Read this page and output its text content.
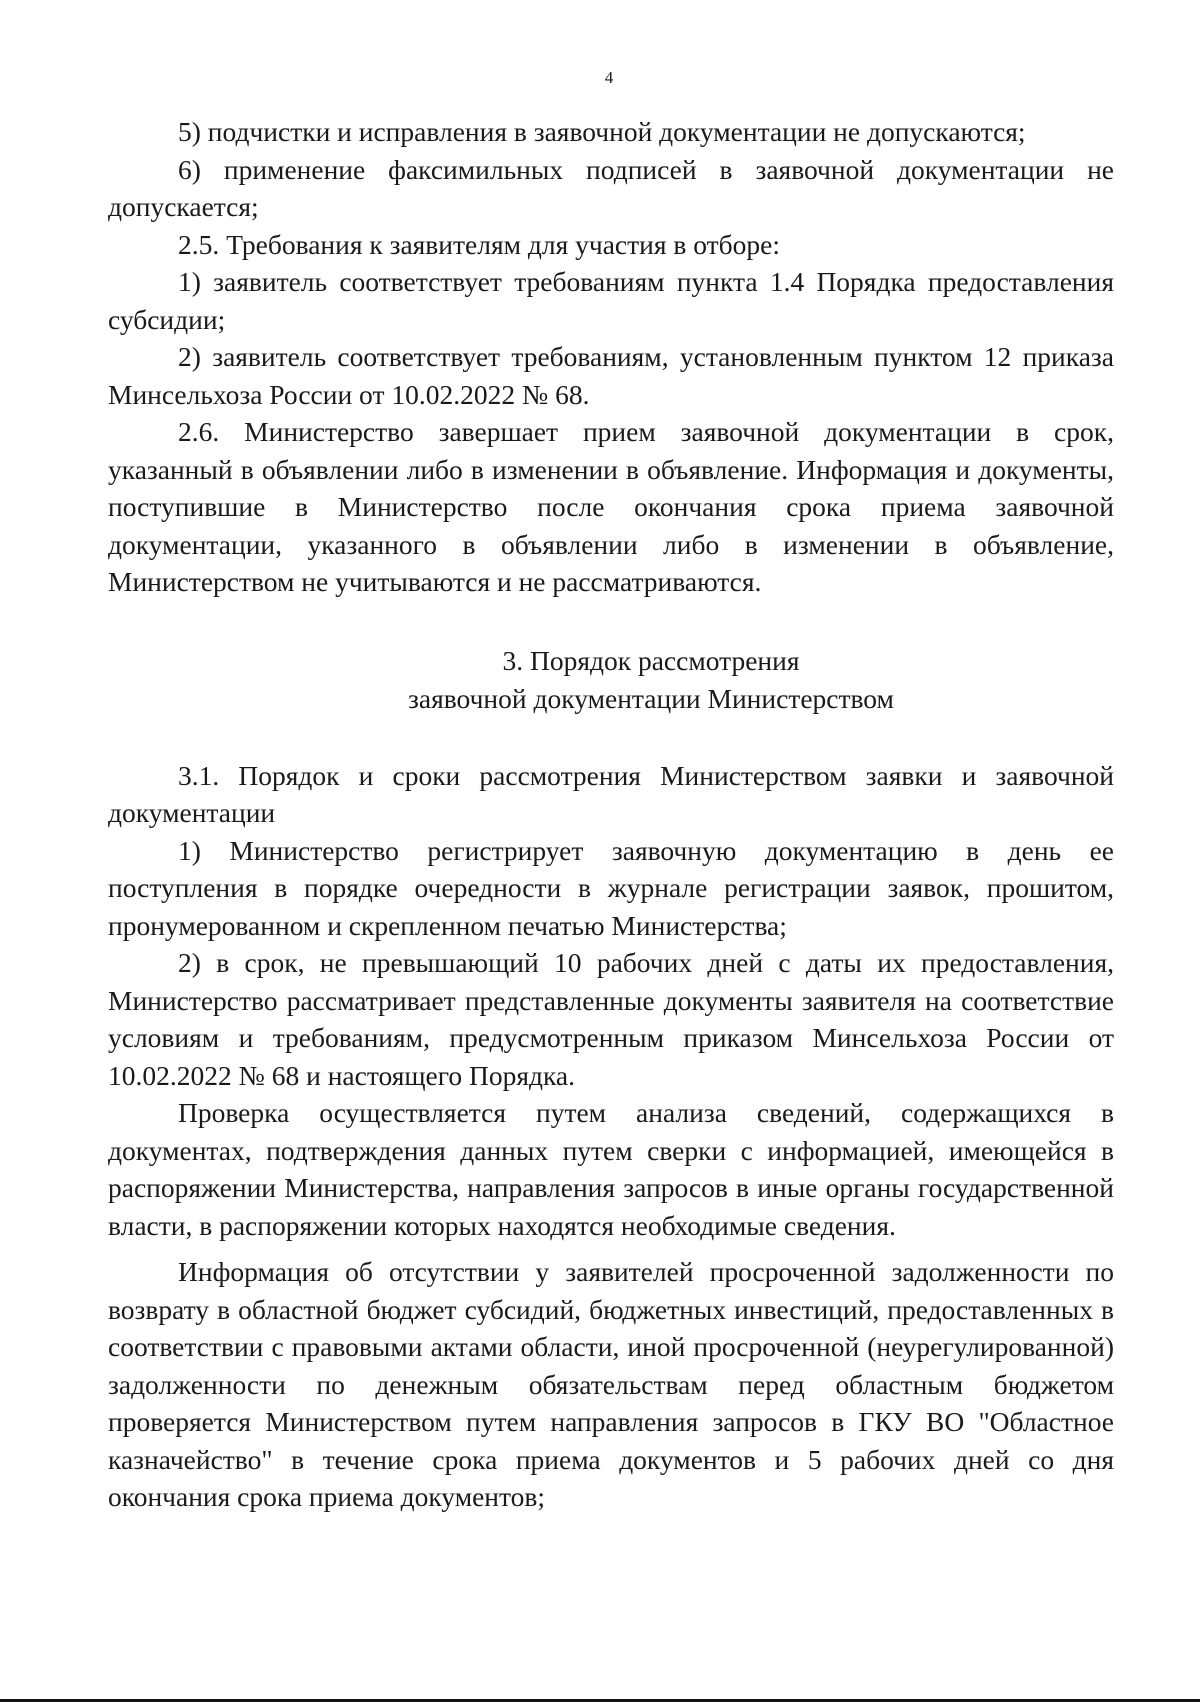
4

5) подчистки и исправления в заявочной документации не допускаются;

6) применение факсимильных подписей в заявочной документации не допускается;

2.5. Требования к заявителям для участия в отборе:

1) заявитель соответствует требованиям пункта 1.4 Порядка предоставления субсидии;

2) заявитель соответствует требованиям, установленным пунктом 12 приказа Минсельхоза России от 10.02.2022 № 68.

2.6. Министерство завершает прием заявочной документации в срок, указанный в объявлении либо в изменении в объявление. Информация и документы, поступившие в Министерство после окончания срока приема заявочной документации, указанного в объявлении либо в изменении в объявление, Министерством не учитываются и не рассматриваются.

3. Порядок рассмотрения
заявочной документации Министерством

3.1. Порядок и сроки рассмотрения Министерством заявки и заявочной документации

1) Министерство регистрирует заявочную документацию в день ее поступления в порядке очередности в журнале регистрации заявок, прошитом, пронумерованном и скрепленном печатью Министерства;

2) в срок, не превышающий 10 рабочих дней с даты их предоставления, Министерство рассматривает представленные документы заявителя на соответствие условиям и требованиям, предусмотренным приказом Минсельхоза России от 10.02.2022 № 68 и настоящего Порядка.

Проверка осуществляется путем анализа сведений, содержащихся в документах, подтверждения данных путем сверки с информацией, имеющейся в распоряжении Министерства, направления запросов в иные органы государственной власти, в распоряжении которых находятся необходимые сведения.

Информация об отсутствии у заявителей просроченной задолженности по возврату в областной бюджет субсидий, бюджетных инвестиций, предоставленных в соответствии с правовыми актами области, иной просроченной (неурегулированной) задолженности по денежным обязательствам перед областным бюджетом проверяется Министерством путем направления запросов в ГКУ ВО "Областное казначейство" в течение срока приема документов и 5 рабочих дней со дня окончания срока приема документов;
